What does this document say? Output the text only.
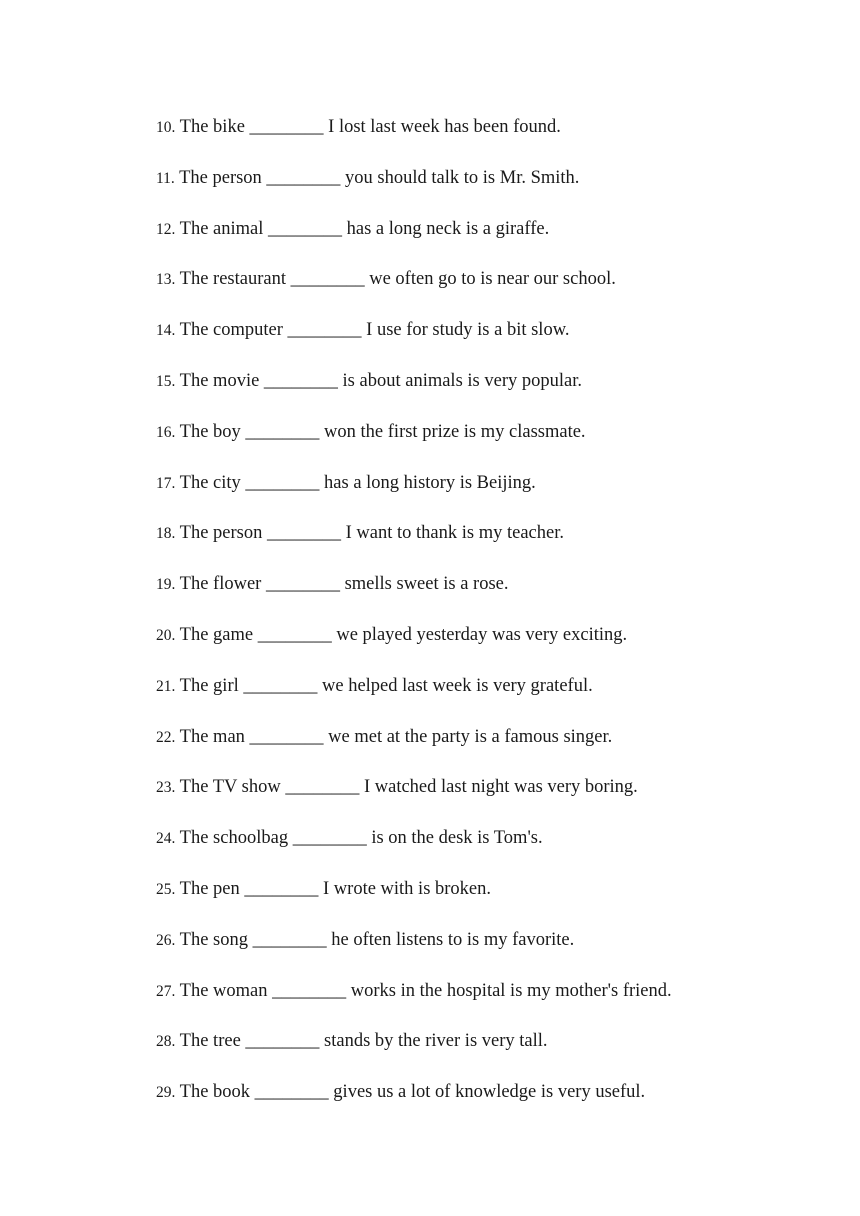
10. The bike ________ I lost last week has been found.
11. The person ________ you should talk to is Mr. Smith.
12. The animal ________ has a long neck is a giraffe.
13. The restaurant ________ we often go to is near our school.
14. The computer ________ I use for study is a bit slow.
15. The movie ________ is about animals is very popular.
16. The boy ________ won the first prize is my classmate.
17. The city ________ has a long history is Beijing.
18. The person ________ I want to thank is my teacher.
19. The flower ________ smells sweet is a rose.
20. The game ________ we played yesterday was very exciting.
21. The girl ________ we helped last week is very grateful.
22. The man ________ we met at the party is a famous singer.
23. The TV show ________ I watched last night was very boring.
24. The schoolbag ________ is on the desk is Tom's.
25. The pen ________ I wrote with is broken.
26. The song ________ he often listens to is my favorite.
27. The woman ________ works in the hospital is my mother's friend.
28. The tree ________ stands by the river is very tall.
29. The book ________ gives us a lot of knowledge is very useful.
